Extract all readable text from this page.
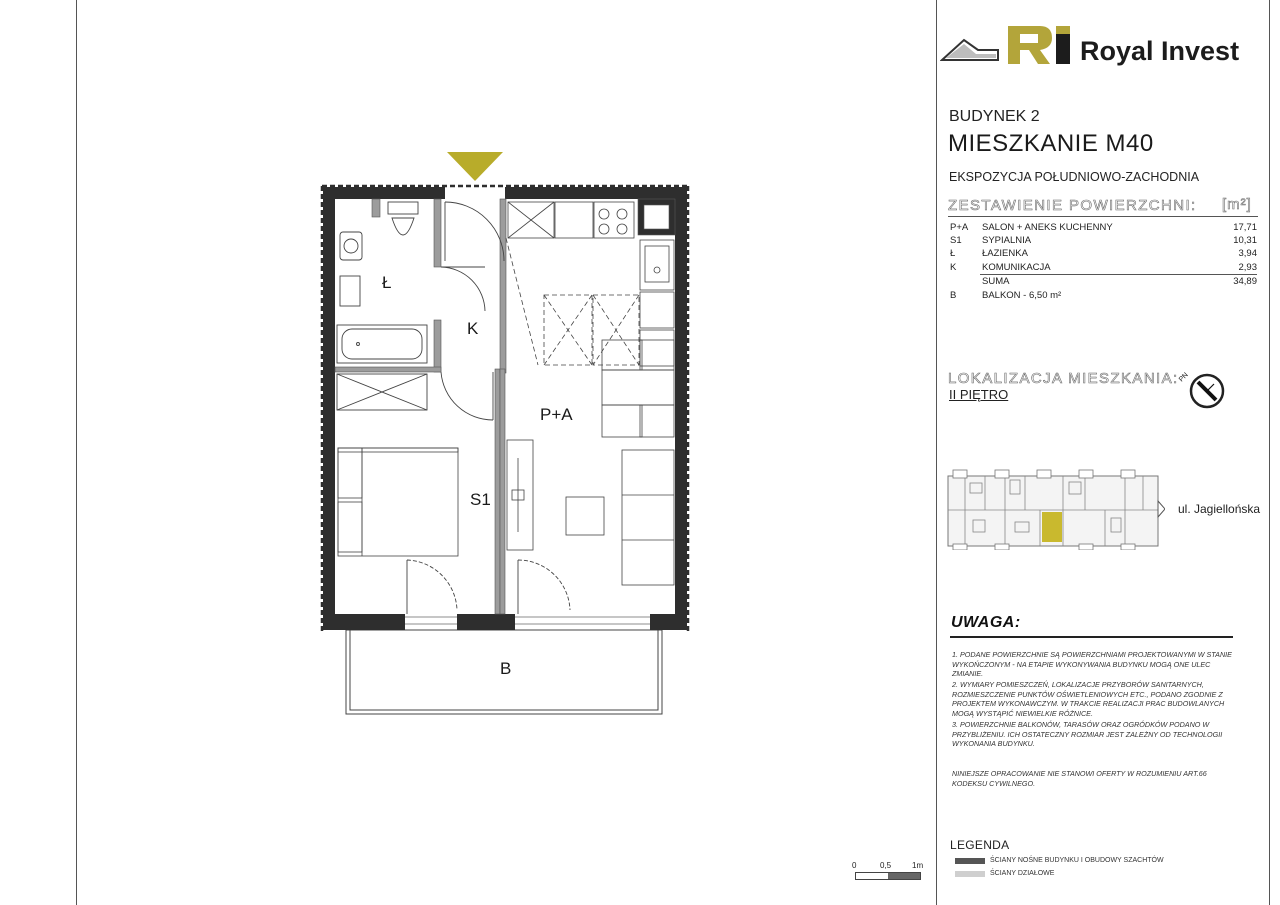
Ł
K
P+A
S1
B
0	0,5	1m
Royal Invest
BUDYNEK 2
MIESZKANIE M40
EKSPOZYCJA POŁUDNIOWO-ZACHODNIA
ZESTAWIENIE POWIERZCHNI: [m²]
P+A SALON + ANEKS KUCHENNY	17,71
S1 SYPIALNIA	10,31
Ł	ŁAZIENKA	3,94
K	KOMUNIKACJA	2,93
SUMA	34,89
B	BALKON - 6,50 m²
LOKALIZACJA MIESZKANIA:
II PIĘTRO
PN
ul. Jagiellońska
UWAGA:
1. PODANE POWIERZCHNIE SĄ POWIERZCHNIAMI PROJEKTOWANYMI W STANIE WYKOŃCZONYM - NA ETAPIE WYKONYWANIA BUDYNKU MOGĄ ONE ULEC ZMIANIE.
2. WYMIARY POMIESZCZEŃ, LOKALIZACJE PRZYBORÓW SANITARNYCH, ROZMIESZCZENIE PUNKTÓW OŚWIETLENIOWYCH ETC., PODANO ZGODNIE Z PROJEKTEM WYKONAWCZYM. W TRAKCIE REALIZACJI PRAC BUDOWLANYCH MOGĄ WYSTĄPIĆ NIEWIELKIE RÓŻNICE.
3. POWIERZCHNIE BALKONÓW, TARASÓW ORAZ OGRÓDKÓW PODANO W PRZYBLIŻENIU. ICH OSTATECZNY ROZMIAR JEST ZALEŻNY OD TECHNOLOGII WYKONANIA BUDYNKU.
NINIEJSZE OPRACOWANIE NIE STANOWI OFERTY W ROZUMIENIU ART.66 KODEKSU CYWILNEGO.
LEGENDA
ŚCIANY NOŚNE BUDYNKU I OBUDOWY SZACHTÓW
ŚCIANY DZIAŁOWE
